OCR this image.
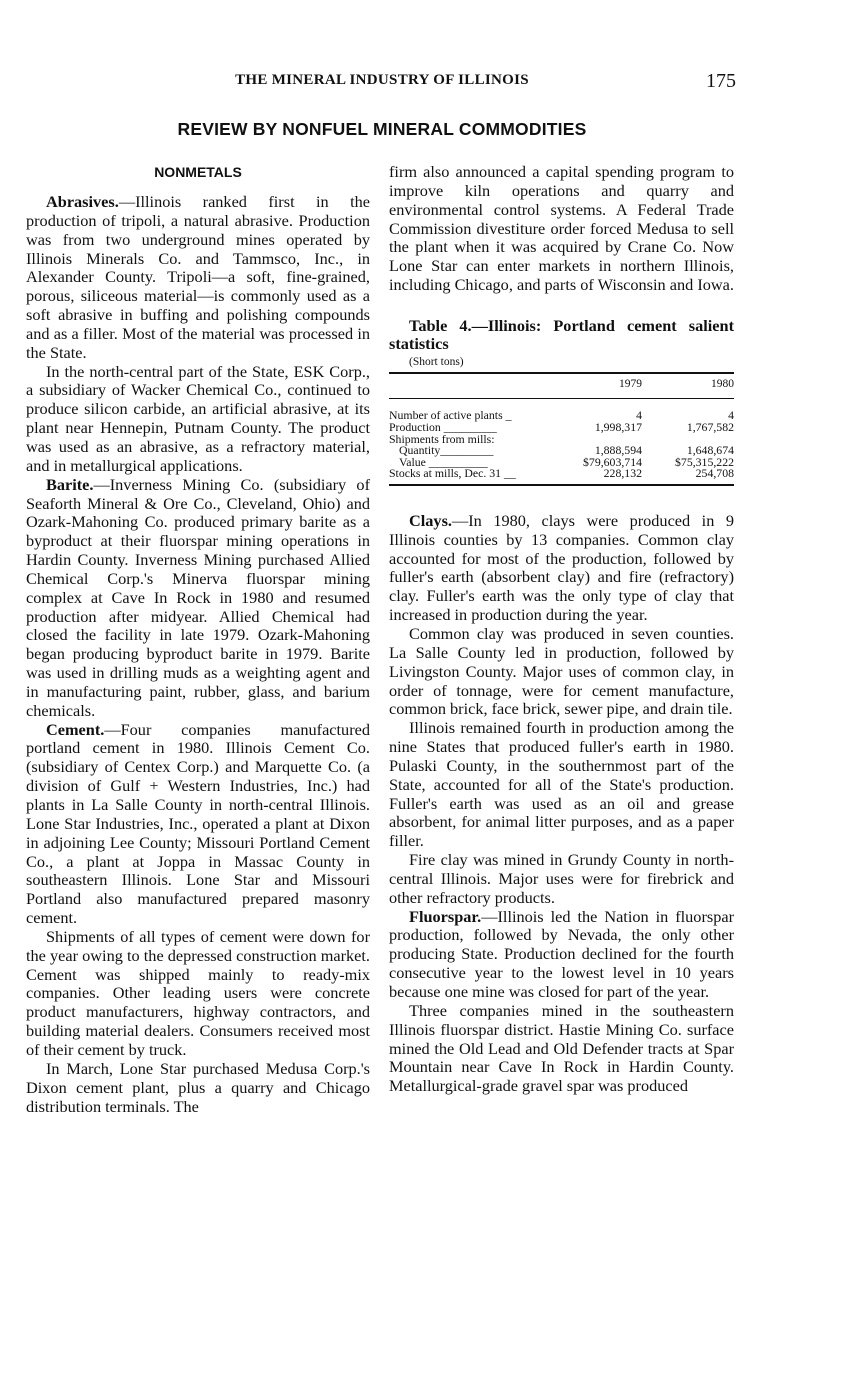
THE MINERAL INDUSTRY OF ILLINOIS	175
REVIEW BY NONFUEL MINERAL COMMODITIES
NONMETALS

Abrasives.—Illinois ranked first in the production of tripoli, a natural abrasive. Production was from two underground mines operated by Illinois Minerals Co. and Tammsco, Inc., in Alexander County. Tripoli—a soft, fine-grained, porous, siliceous material—is commonly used as a soft abrasive in buffing and polishing compounds and as a filler. Most of the material was processed in the State.

In the north-central part of the State, ESK Corp., a subsidiary of Wacker Chemical Co., continued to produce silicon carbide, an artificial abrasive, at its plant near Hennepin, Putnam County. The product was used as an abrasive, as a refractory material, and in metallurgical applications.

Barite.—Inverness Mining Co. (subsidiary of Seaforth Mineral & Ore Co., Cleveland, Ohio) and Ozark-Mahoning Co. produced primary barite as a byproduct at their fluorspar mining operations in Hardin County. Inverness Mining purchased Allied Chemical Corp.'s Minerva fluorspar mining complex at Cave In Rock in 1980 and resumed production after midyear. Allied Chemical had closed the facility in late 1979. Ozark-Mahoning began producing byproduct barite in 1979. Barite was used in drilling muds as a weighting agent and in manufacturing paint, rubber, glass, and barium chemicals.

Cement.—Four companies manufactured portland cement in 1980. Illinois Cement Co. (subsidiary of Centex Corp.) and Marquette Co. (a division of Gulf + Western Industries, Inc.) had plants in La Salle County in north-central Illinois. Lone Star Industries, Inc., operated a plant at Dixon in adjoining Lee County; Missouri Portland Cement Co., a plant at Joppa in Massac County in southeastern Illinois. Lone Star and Missouri Portland also manufactured prepared masonry cement.

Shipments of all types of cement were down for the year owing to the depressed construction market. Cement was shipped mainly to ready-mix companies. Other leading users were concrete product manufacturers, highway contractors, and building material dealers. Consumers received most of their cement by truck.

In March, Lone Star purchased Medusa Corp.'s Dixon cement plant, plus a quarry and Chicago distribution terminals. The

firm also announced a capital spending program to improve kiln operations and quarry and environmental control systems. A Federal Trade Commission divestiture order forced Medusa to sell the plant when it was acquired by Crane Co. Now Lone Star can enter markets in northern Illinois, including Chicago, and parts of Wisconsin and Iowa.

Table 4.—Illinois: Portland cement salient statistics

(Short tons)

	1979	1980
Number of active plants _	4	4
Production _________	1,998,317	1,767,582
Shipments from mills:		
Quantity_________	1,888,594	1,648,674
Value __________	$79,603,714	$75,315,222
Stocks at mills, Dec. 31 __	228,132	254,708

Clays.—In 1980, clays were produced in 9 Illinois counties by 13 companies. Common clay accounted for most of the production, followed by fuller's earth (absorbent clay) and fire (refractory) clay. Fuller's earth was the only type of clay that increased in production during the year.

Common clay was produced in seven counties. La Salle County led in production, followed by Livingston County. Major uses of common clay, in order of tonnage, were for cement manufacture, common brick, face brick, sewer pipe, and drain tile.

Illinois remained fourth in production among the nine States that produced fuller's earth in 1980. Pulaski County, in the southernmost part of the State, accounted for all of the State's production. Fuller's earth was used as an oil and grease absorbent, for animal litter purposes, and as a paper filler.

Fire clay was mined in Grundy County in north-central Illinois. Major uses were for firebrick and other refractory products.

Fluorspar.—Illinois led the Nation in fluorspar production, followed by Nevada, the only other producing State. Production declined for the fourth consecutive year to the lowest level in 10 years because one mine was closed for part of the year.

Three companies mined in the southeastern Illinois fluorspar district. Hastie Mining Co. surface mined the Old Lead and Old Defender tracts at Spar Mountain near Cave In Rock in Hardin County. Metallurgical-grade gravel spar was produced
